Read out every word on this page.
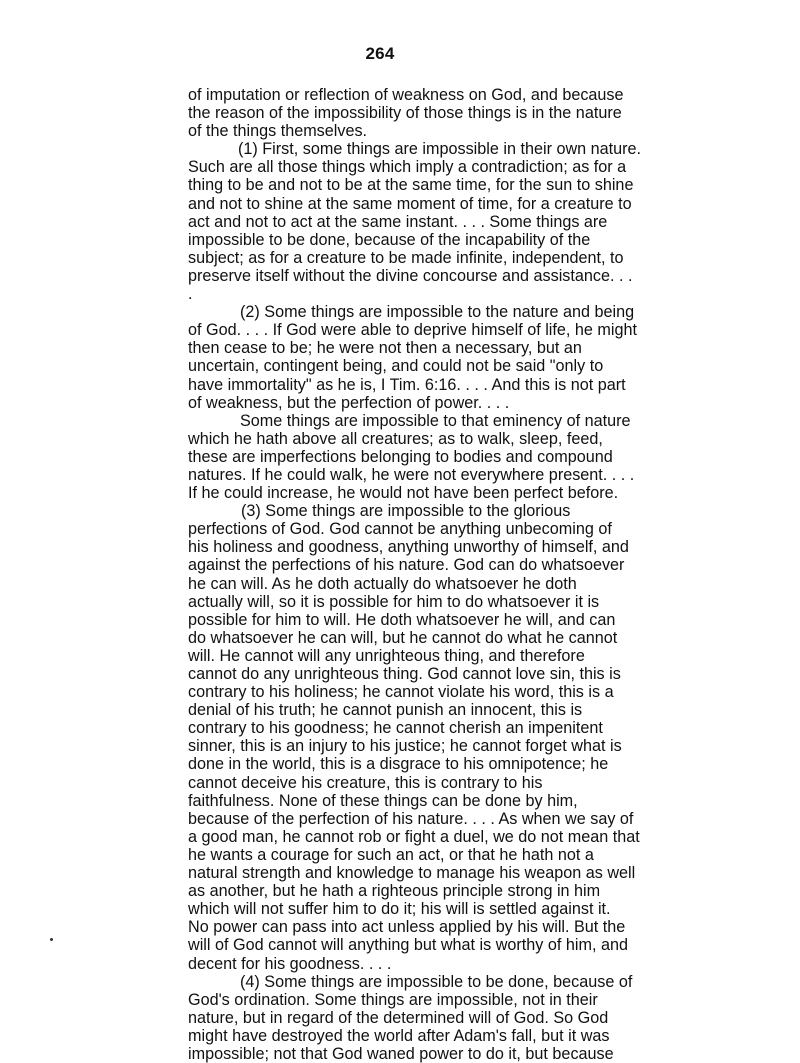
264
of imputation or reflection of weakness on God, and because
the reason of the impossibility of those things is in the nature
of the things themselves.
(1) First, some things are impossible in their own nature.
Such are all those things which imply a contradiction; as for a
thing to be and not to be at the same time, for the sun to shine
and not to shine at the same moment of time, for a creature to
act and not to act at the same instant. . . . Some things are
impossible to be done, because of the incapability of the
subject; as for a creature to be made infinite, independent, to
preserve itself without the divine concourse and assistance. . .
.
(2) Some things are impossible to the nature and being
of God. . . . If God were able to deprive himself of life, he might
then cease to be; he were not then a necessary, but an
uncertain, contingent being, and could not be said "only to
have immortality" as he is, I Tim. 6:16. . . . And this is not part
of weakness, but the perfection of power. . . .
Some things are impossible to that eminency of nature
which he hath above all creatures; as to walk, sleep, feed,
these are imperfections belonging to bodies and compound
natures. If he could walk, he were not everywhere present. . . .
If he could increase, he would not have been perfect before.
(3) Some things are impossible to the glorious
perfections of God. God cannot be anything unbecoming of
his holiness and goodness, anything unworthy of himself, and
against the perfections of his nature. God can do whatsoever
he can will. As he doth actually do whatsoever he doth
actually will, so it is possible for him to do whatsoever it is
possible for him to will. He doth whatsoever he will, and can
do whatsoever he can will, but he cannot do what he cannot
will. He cannot will any unrighteous thing, and therefore
cannot do any unrighteous thing. God cannot love sin, this is
contrary to his holiness; he cannot violate his word, this is a
denial of his truth; he cannot punish an innocent, this is
contrary to his goodness; he cannot cherish an impenitent
sinner, this is an injury to his justice; he cannot forget what is
done in the world, this is a disgrace to his omnipotence; he
cannot deceive his creature, this is contrary to his
faithfulness. None of these things can be done by him,
because of the perfection of his nature. . . . As when we say of
a good man, he cannot rob or fight a duel, we do not mean that
he wants a courage for such an act, or that he hath not a
natural strength and knowledge to manage his weapon as well
as another, but he hath a righteous principle strong in him
which will not suffer him to do it; his will is settled against it.
No power can pass into act unless applied by his will. But the
will of God cannot will anything but what is worthy of him, and
decent for his goodness. . . .
(4) Some things are impossible to be done, because of
God's ordination. Some things are impossible, not in their
nature, but in regard of the determined will of God. So God
might have destroyed the world after Adam's fall, but it was
impossible; not that God waned power to do it, but because
